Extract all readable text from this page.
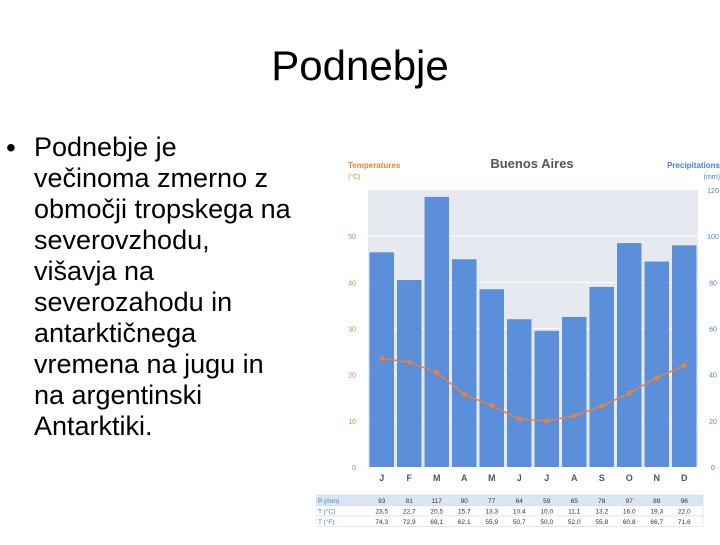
Podnebje
• Podnebje je
večinoma zmerno z
območji tropskega na
severovzhodu,
višavja na
severozahodu in
antarktičnega
vremena na jugu in
na argentinski
Antarktiki.
Temperatures
(°C)
Buenos Aires	Precipitations
(mm)
0
10
20
30
40
50
0
20
40
60
80
100
120
J F M A M J J A S O N D
P (mm)	93	81	117	90	77	64	59	65	78	97	89	96
T (°C)	23,5 22,7 20,5 15,7 13,3 10,4 10,0 11,1 13,2 16,0 19,3 22,0
T (°F)	74,3 72,9 69,1 62,1 55,9 50,7 50,0 52,0 55,8 60,8 66,7 71,6
